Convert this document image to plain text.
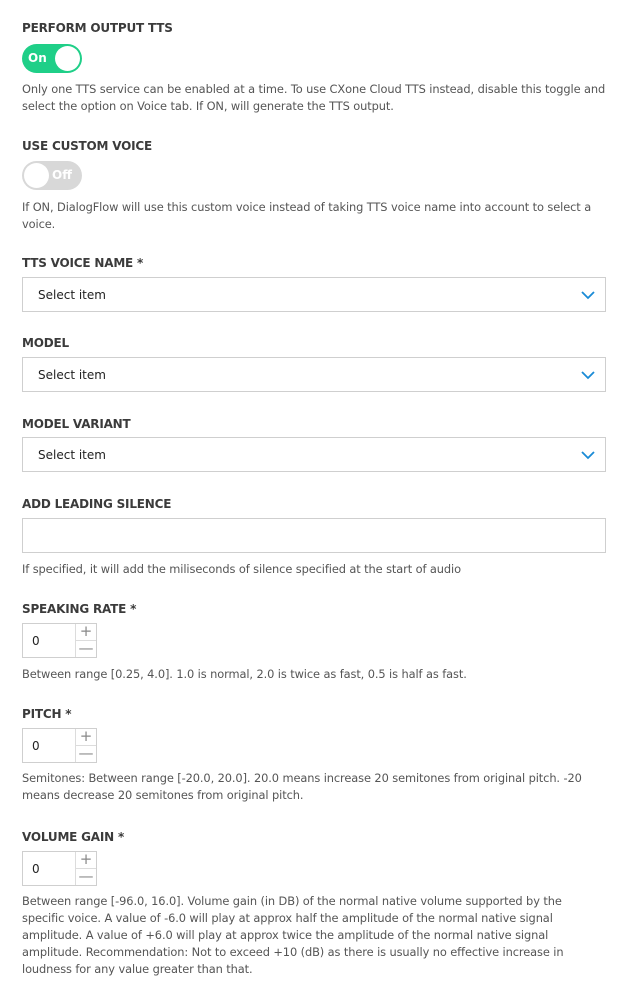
PERFORM OUTPUT TTS
On
Only one TTS service can be enabled at a time. To use CXone Cloud TTS instead, disable this toggle and select the option on Voice tab. If ON, will generate the TTS output.
USE CUSTOM VOICE
Off
If ON, DialogFlow will use this custom voice instead of taking TTS voice name into account to select a voice.
TTS VOICE NAME *
Select item
MODEL
Select item
MODEL VARIANT
Select item
ADD LEADING SILENCE
If specified, it will add the miliseconds of silence specified at the start of audio
SPEAKING RATE *
0
+
—
Between range [0.25, 4.0]. 1.0 is normal, 2.0 is twice as fast, 0.5 is half as fast.
PITCH *
0
+
—
Semitones: Between range [-20.0, 20.0]. 20.0 means increase 20 semitones from original pitch. -20 means decrease 20 semitones from original pitch.
VOLUME GAIN *
0
+
—
Between range [-96.0, 16.0]. Volume gain (in DB) of the normal native volume supported by the specific voice. A value of -6.0 will play at approx half the amplitude of the normal native signal amplitude. A value of +6.0 will play at approx twice the amplitude of the normal native signal amplitude. Recommendation: Not to exceed +10 (dB) as there is usually no effective increase in loudness for any value greater than that.
